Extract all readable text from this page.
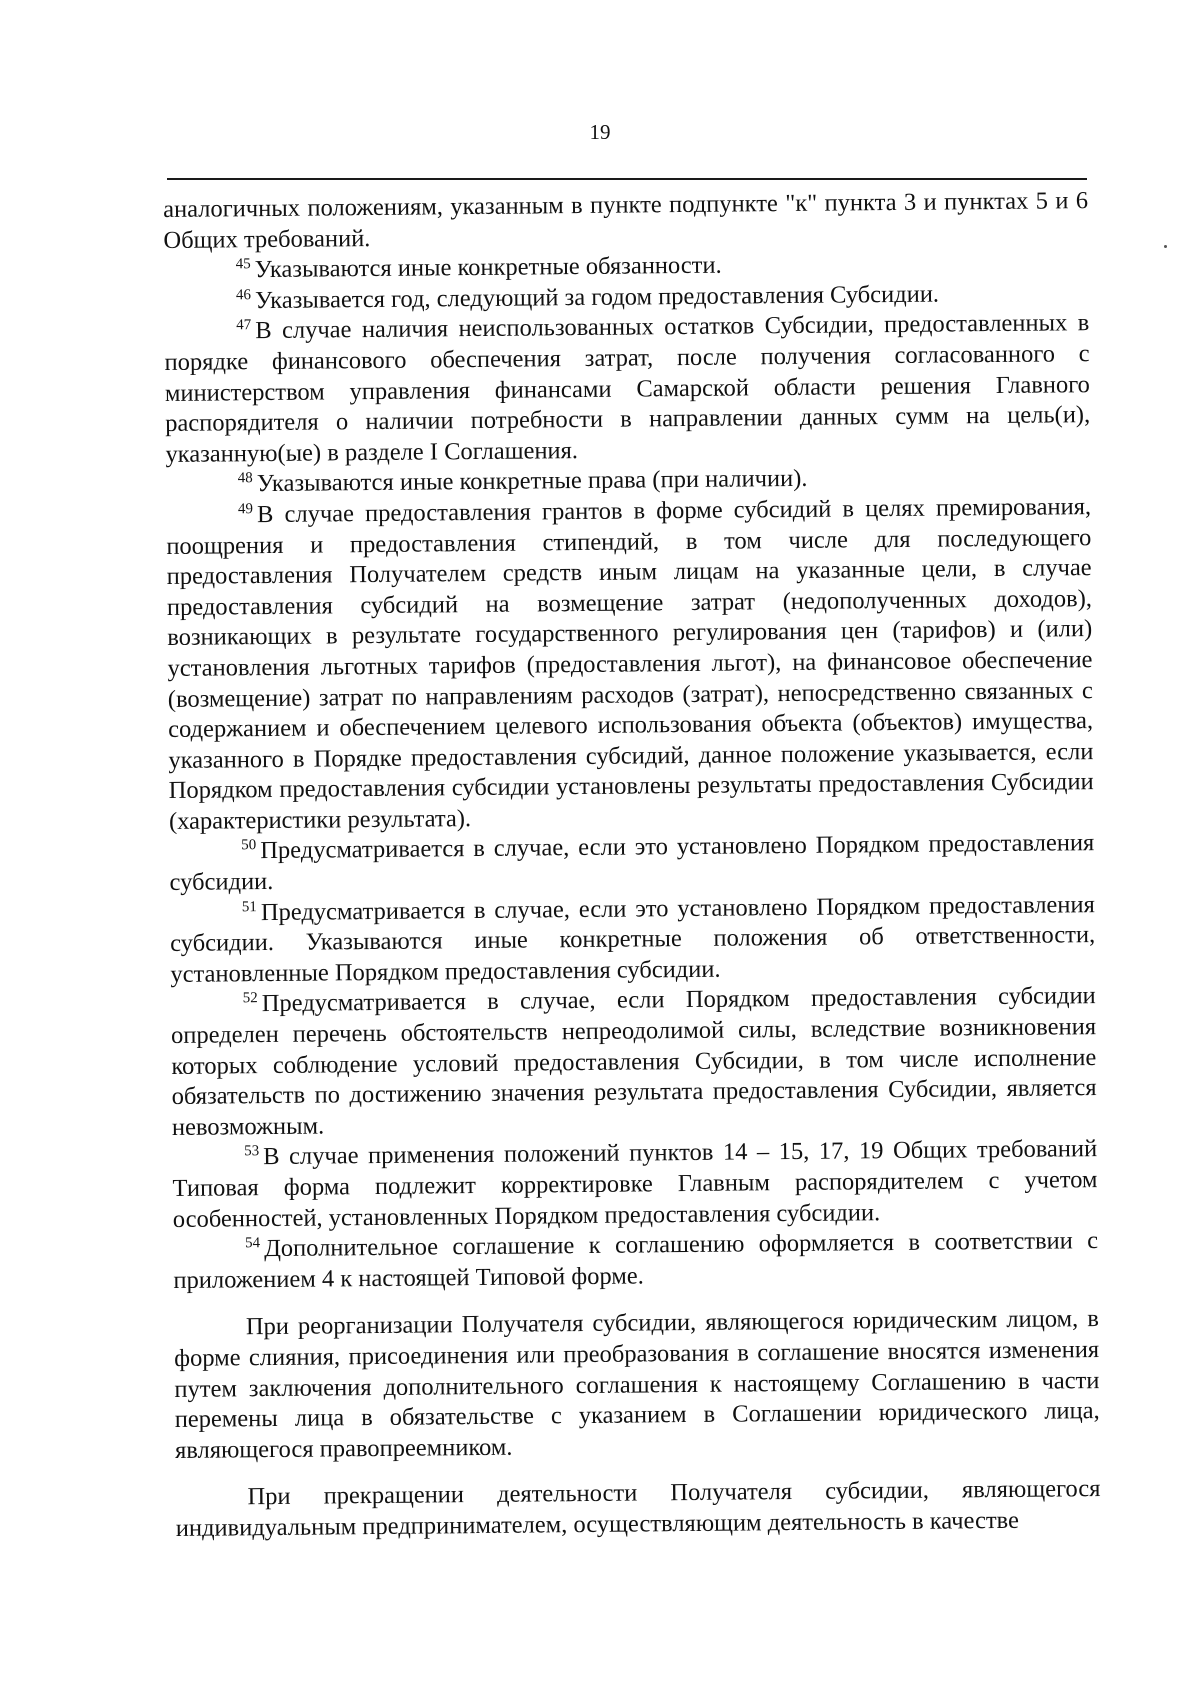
19

аналогичных положениям, указанным в пункте подпункте "к" пункта 3 и пунктах 5 и 6 Общих требований.

$^{45}$ Указываются иные конкретные обязанности.

$^{46}$ Указывается год, следующий за годом предоставления Субсидии.

$^{47}$ В случае наличия неиспользованных остатков Субсидии, предоставленных в порядке финансового обеспечения затрат, после получения согласованного с министерством управления финансами Самарской области решения Главного распорядителя о наличии потребности в направлении данных сумм на цель(и), указанную(ые) в разделе I Соглашения.

$^{48}$ Указываются иные конкретные права (при наличии).

$^{49}$ В случае предоставления грантов в форме субсидий в целях премирования, поощрения и предоставления стипендий, в том числе для последующего предоставления Получателем средств иным лицам на указанные цели, в случае предоставления субсидий на возмещение затрат (недополученных доходов), возникающих в результате государственного регулирования цен (тарифов) и (или) установления льготных тарифов (предоставления льгот), на финансовое обеспечение (возмещение) затрат по направлениям расходов (затрат), непосредственно связанных с содержанием и обеспечением целевого использования объекта (объектов) имущества, указанного в Порядке предоставления субсидий, данное положение указывается, если Порядком предоставления субсидии установлены результаты предоставления Субсидии (характеристики результата).

$^{50}$ Предусматривается в случае, если это установлено Порядком предоставления субсидии.

$^{51}$ Предусматривается в случае, если это установлено Порядком предоставления субсидии. Указываются иные конкретные положения об ответственности, установленные Порядком предоставления субсидии.

$^{52}$ Предусматривается в случае, если Порядком предоставления субсидии определен перечень обстоятельств непреодолимой силы, вследствие возникновения которых соблюдение условий предоставления Субсидии, в том числе исполнение обязательств по достижению значения результата предоставления Субсидии, является невозможным.

$^{53}$ В случае применения положений пунктов 14 – 15, 17, 19 Общих требований Типовая форма подлежит корректировке Главным распорядителем с учетом особенностей, установленных Порядком предоставления субсидии.

$^{54}$ Дополнительное соглашение к соглашению оформляется в соответствии с приложением 4 к настоящей Типовой форме.

При реорганизации Получателя субсидии, являющегося юридическим лицом, в форме слияния, присоединения или преобразования в соглашение вносятся изменения путем заключения дополнительного соглашения к настоящему Соглашению в части перемены лица в обязательстве с указанием в Соглашении юридического лица, являющегося правопреемником.

При прекращении деятельности Получателя субсидии, являющегося индивидуальным предпринимателем, осуществляющим деятельность в качестве
